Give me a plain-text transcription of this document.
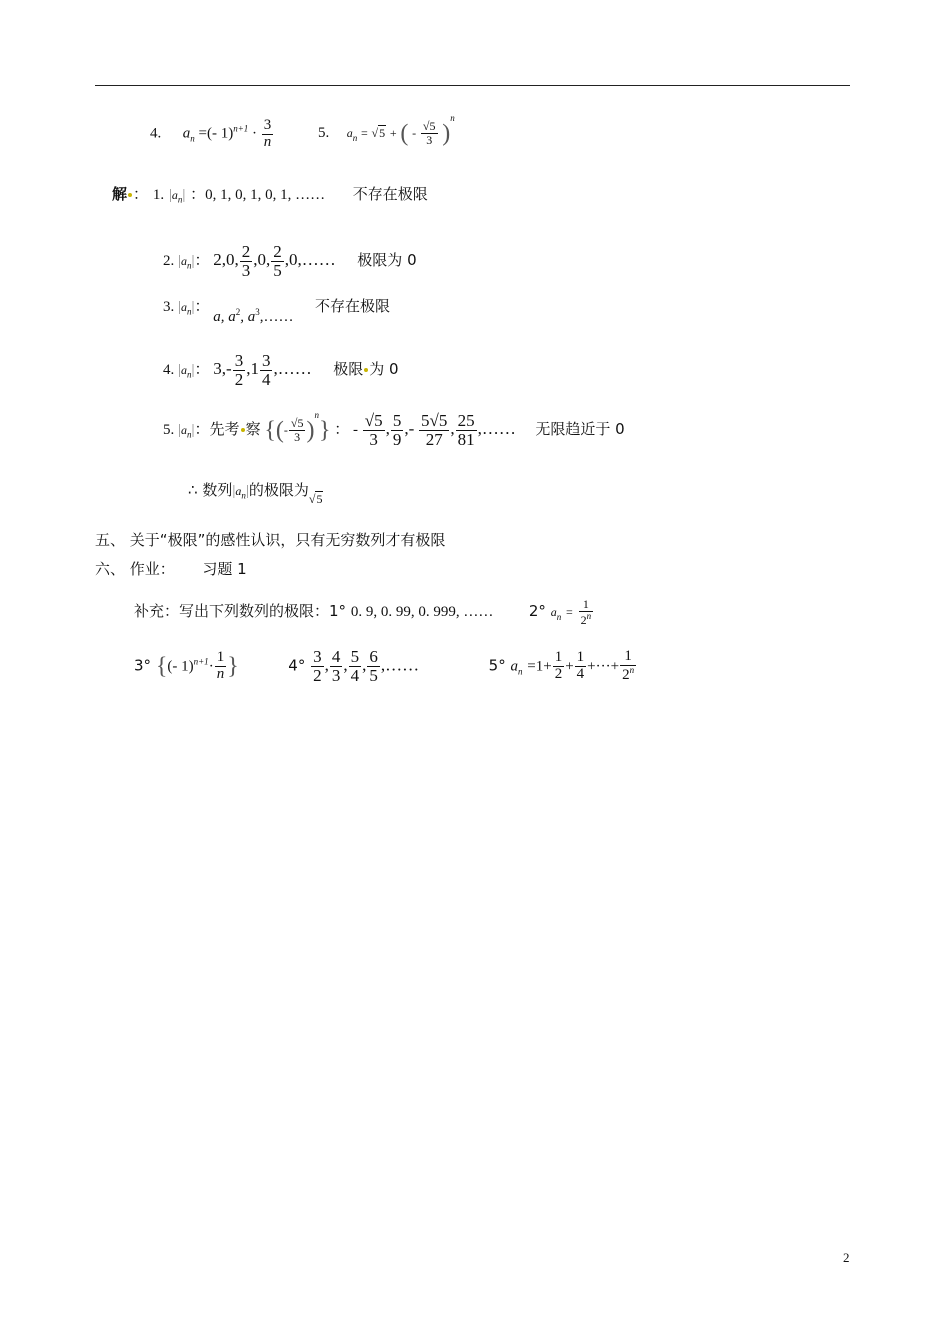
4. $a_n$ =(- $1)^{n+1} \cdot \frac{3}{n}$	5. $a_n = √5$ + ( - $\frac{√5}{3} )^n$
解 ： 1. $|a_n|$ ：0, 1, 0, 1, 0, 1, …… 不存在极限
2. $|a_n|$： 2,0, $\frac{2}{3} ,0$, $\frac{2}{5}$ ,0,…… 极限为 0
3. $|a_n|$： a, $a^2$, $a^3,\dots\dots$  不存在极限
4. $|a_n|$： $3,- \frac{3}{2} ,1 \frac{3}{4}$ ,…… 极限 为 0
5. $|a_n|$：先考 察 {(- $\frac{√5}{3} )^n$} ： - $\frac{√5}{3}$ , $\frac{5}{9}$ ,- $\frac{5√5}{27}$ , $\frac{25}{81}$ ,…… 无限趋近于 0
∴ 数列$|a_n|$的极限为$_{√5}$
五、 关于“极限”的感性认识，只有无穷数列才有极限
六、 作业： 习题 1
补充：写出下列数列的极限：1° 0. 9, 0. 99, 0. 999, …… 2° $a_n = \frac{1}{2^n}$
3° {(- $1)^{n+1}\cdot \frac{1}{n}$ }	$4^\circ \frac{3}{2}$ , $\frac{4}{3}$ , $\frac{5}{4}$ , $\frac{6}{5}$ ,……	5° $a_n =1+ \frac{1}{2} + \frac{1}{4}$ +···+ $\frac{1}{2^n}$
2
